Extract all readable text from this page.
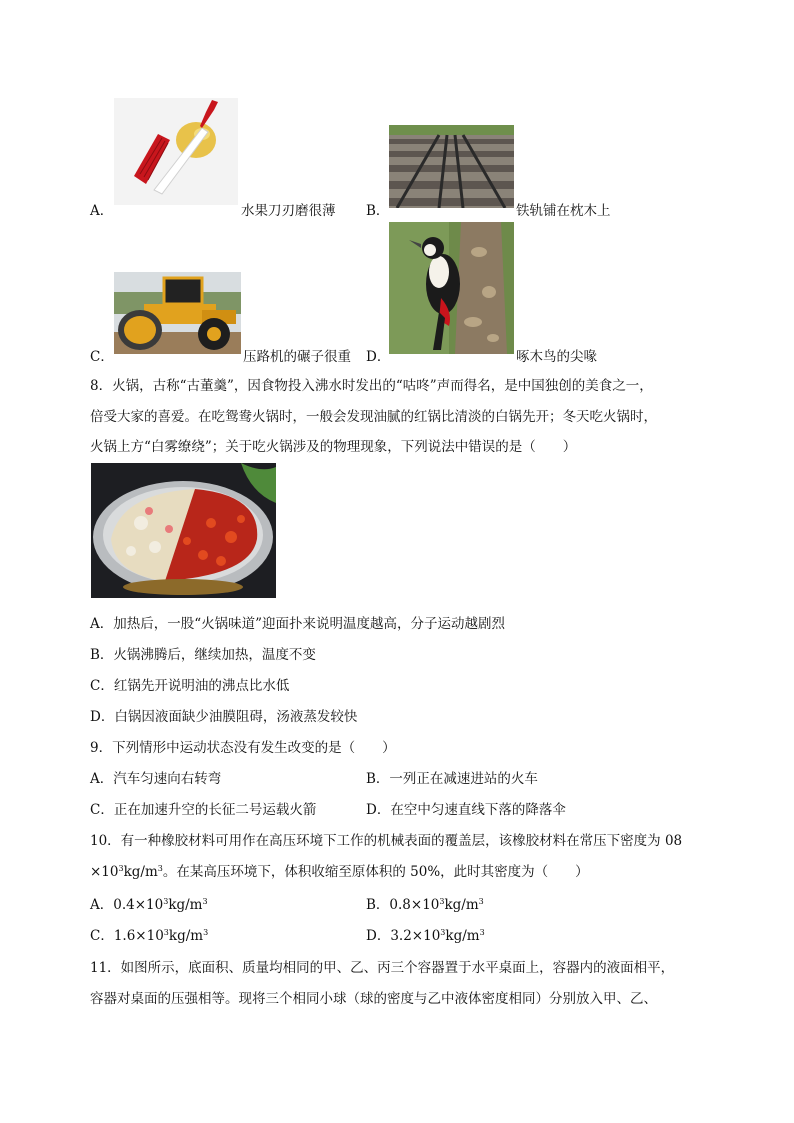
A．	水果刀刃磨很薄 B．	铁轨铺在枕木上
C．	压路机的碾子很重 D．	啄木鸟的尖喙
8．火锅，古称“古董羹”，因食物投入沸水时发出的“咕咚”声而得名，是中国独创的美食之一，
倍受大家的喜爱。在吃鸳鸯火锅时，一般会发现油腻的红锅比清淡的白锅先开；冬天吃火锅时，
火锅上方“白雾缭绕”；关于吃火锅涉及的物理现象，下列说法中错误的是（　　）
A．加热后，一股“火锅味道”迎面扑来说明温度越高，分子运动越剧烈
B．火锅沸腾后，继续加热，温度不变
C．红锅先开说明油的沸点比水低
D．白锅因液面缺少油膜阻碍，汤液蒸发较快
9．下列情形中运动状态没有发生改变的是（　　）
A．汽车匀速向右转弯	B．一列正在减速进站的火车
C．正在加速升空的长征二号运载火箭	D．在空中匀速直线下落的降落伞
10．有一种橡胶材料可用作在高压环境下工作的机械表面的覆盖层，该橡胶材料在常压下密度为 08
$\times 10^3kg/m^3$。在某高压环境下，体积收缩至原体积的 50%，此时其密度为（　　）
A．$0.4\times 10^3kg/m^3$	B．$0.8\times 10^3kg/m^3$
C．$1.6\times 10^3kg/m^3$	D．$3.2\times 10^3kg/m^3$
11．如图所示，底面积、质量均相同的甲、乙、丙三个容器置于水平桌面上，容器内的液面相平，
容器对桌面的压强相等。现将三个相同小球（球的密度与乙中液体密度相同）分别放入甲、乙、
